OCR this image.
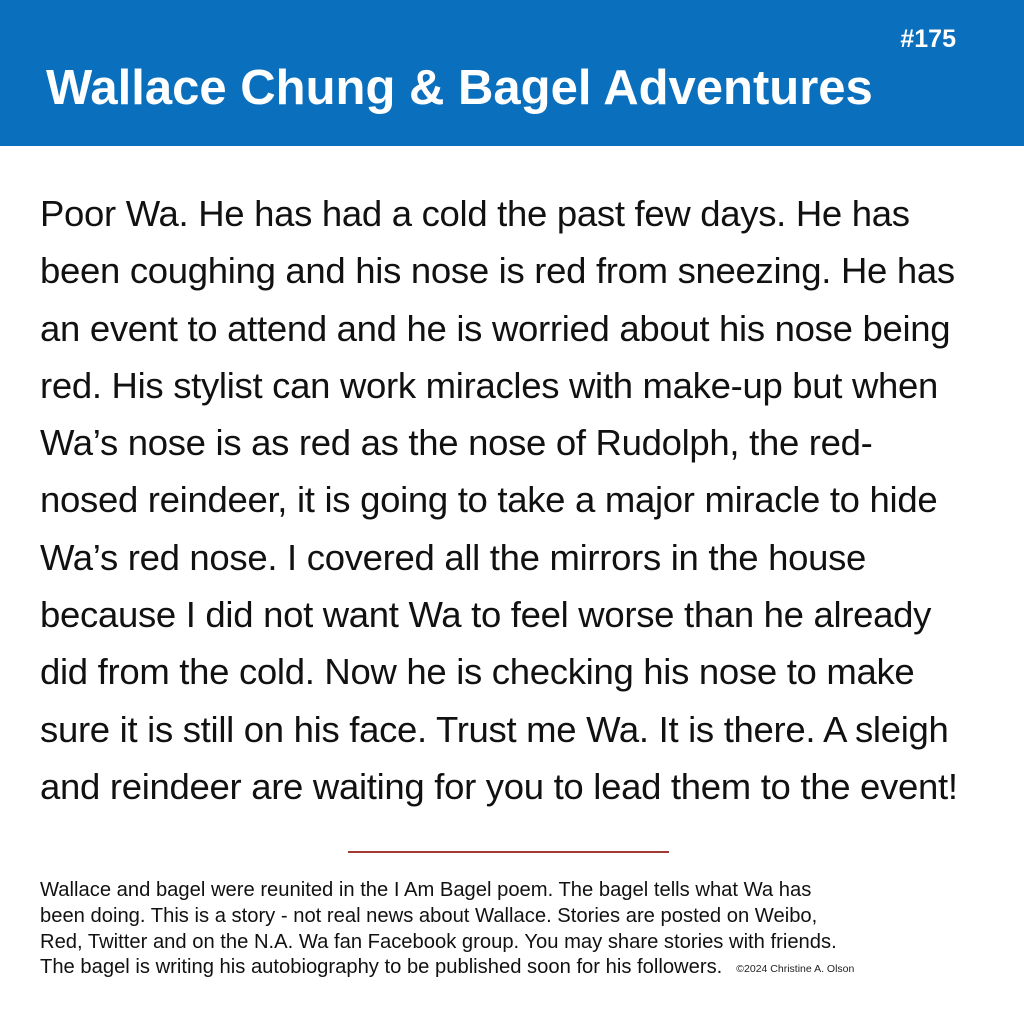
#175
Wallace Chung & Bagel Adventures
Poor Wa. He has had a cold the past few days. He has
been coughing and his nose is red from sneezing. He has
an event to attend and he is worried about his nose being
red. His stylist can work miracles with make-up but when
Wa’s nose is as red as the nose of Rudolph, the red-
nosed reindeer, it is going to take a major miracle to hide
Wa’s red nose. I covered all the mirrors in the house
because I did not want Wa to feel worse than he already
did from the cold. Now he is checking his nose to make
sure it is still on his face. Trust me Wa. It is there. A sleigh
and reindeer are waiting for you to lead them to the event!
Wallace and bagel were reunited in the I Am Bagel poem. The bagel tells what Wa has
been doing. This is a story - not real news about Wallace. Stories are posted on Weibo,
Red, Twitter and on the N.A. Wa fan Facebook group. You may share stories with friends.
The bagel is writing his autobiography to be published soon for his followers. ©2024 Christine A. Olson
